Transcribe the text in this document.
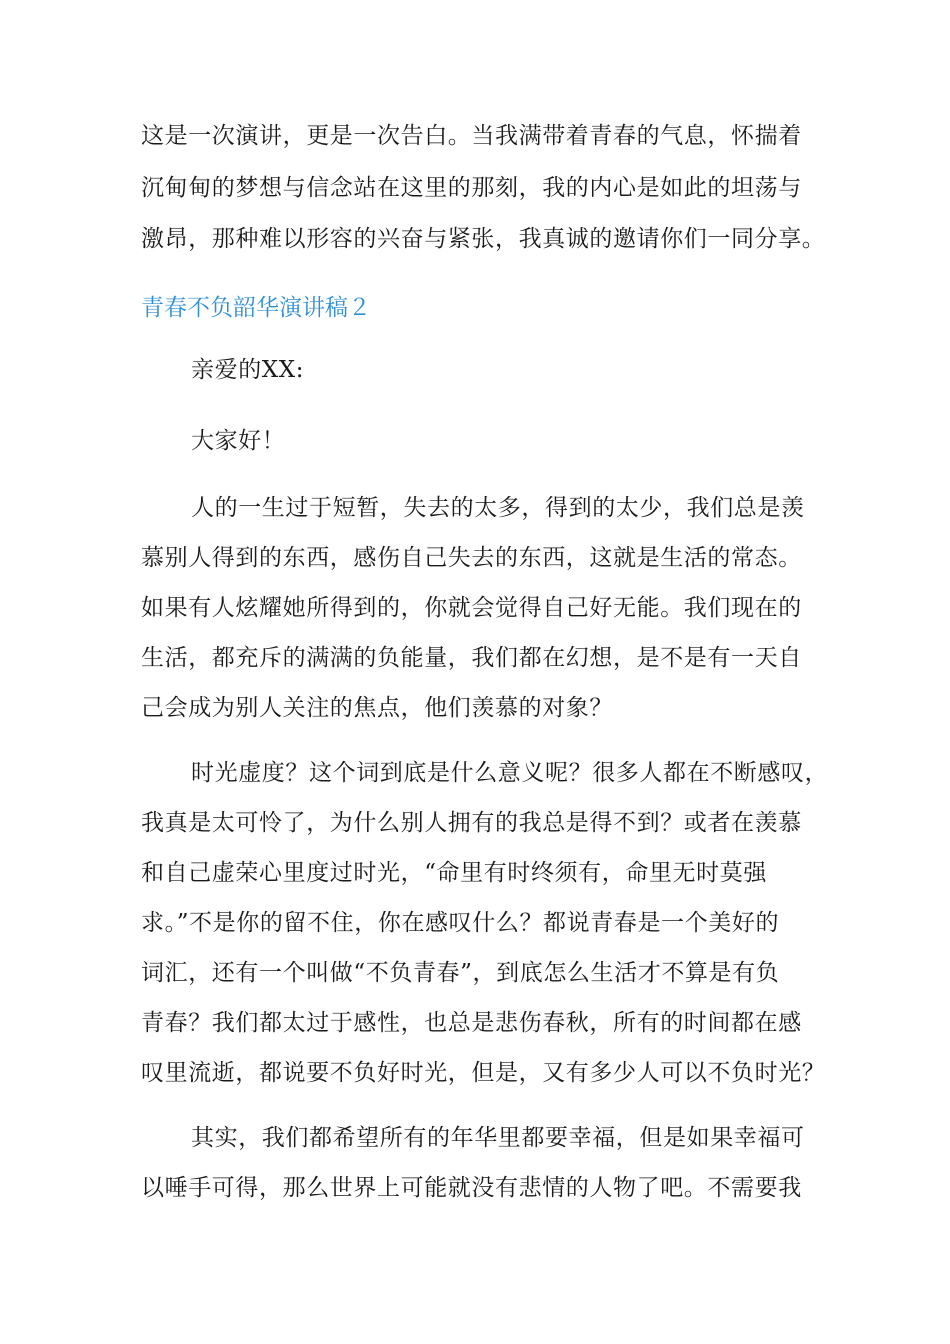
这是一次演讲，更是一次告白。当我满带着青春的气息，怀揣着
沉甸甸的梦想与信念站在这里的那刻，我的内心是如此的坦荡与
激昂，那种难以形容的兴奋与紧张，我真诚的邀请你们一同分享。
青春不负韶华演讲稿２
亲爱的XX:
大家好！
人的一生过于短暂，失去的太多，得到的太少，我们总是羡
慕别人得到的东西，感伤自己失去的东西，这就是生活的常态。
如果有人炫耀她所得到的，你就会觉得自己好无能。我们现在的
生活，都充斥的满满的负能量，我们都在幻想，是不是有一天自
己会成为别人关注的焦点，他们羡慕的对象？
时光虚度？这个词到底是什么意义呢？很多人都在不断感叹，
我真是太可怜了，为什么别人拥有的我总是得不到？或者在羡慕
和自己虚荣心里度过时光，“命里有时终须有，命里无时莫强
求。”不是你的留不住，你在感叹什么？都说青春是一个美好的
词汇，还有一个叫做“不负青春”，到底怎么生活才不算是有负
青春？我们都太过于感性，也总是悲伤春秋，所有的时间都在感
叹里流逝，都说要不负好时光，但是，又有多少人可以不负时光？
其实，我们都希望所有的年华里都要幸福，但是如果幸福可
以唾手可得，那么世界上可能就没有悲情的人物了吧。不需要我
